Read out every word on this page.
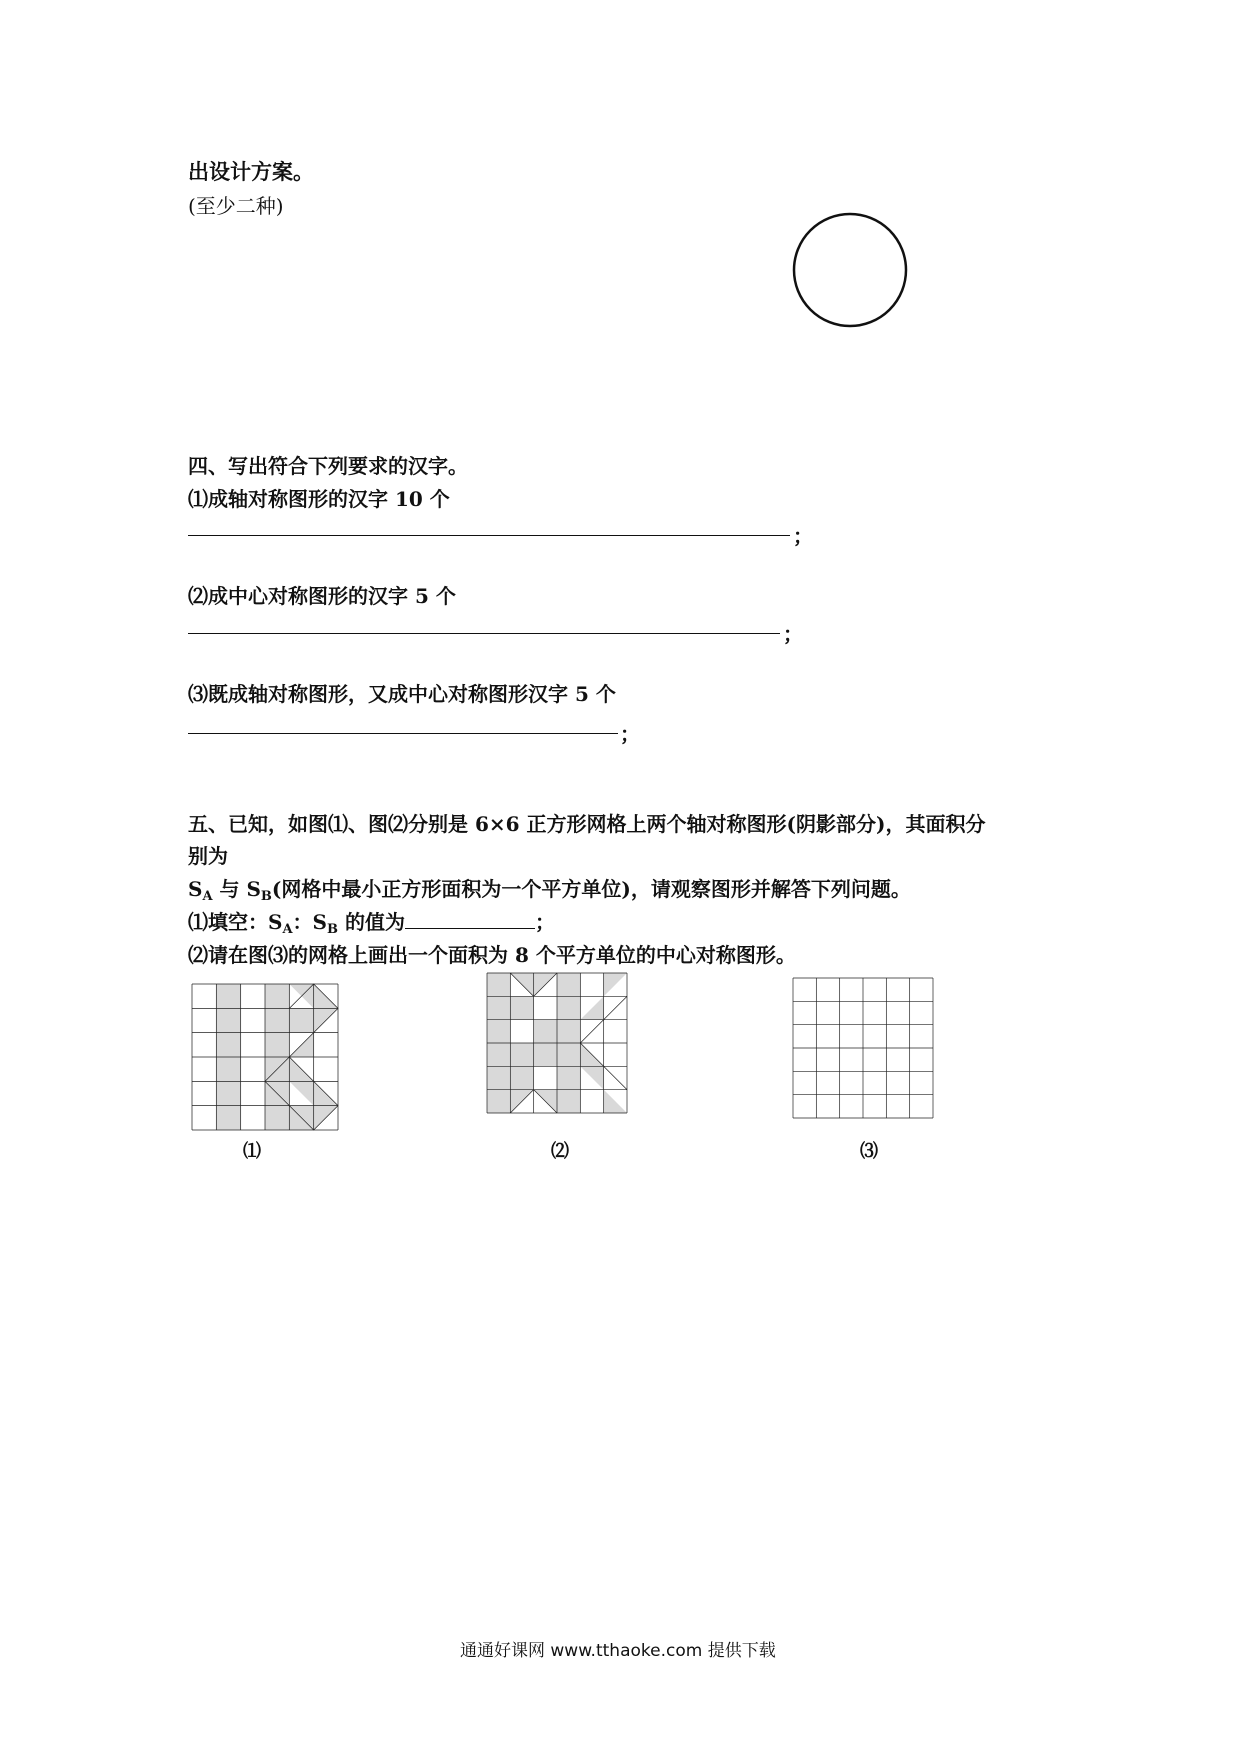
出设计方案。
(至少二种)
四、写出符合下列要求的汉字。
⑴成轴对称图形的汉字 10 个
；
⑵成中心对称图形的汉字 5 个
；
⑶既成轴对称图形，又成中心对称图形汉字 5 个
；
五、已知，如图⑴、图⑵分别是 6×6 正方形网格上两个轴对称图形(阴影部分)，其面积分
别为
$S_A$ 与 $S_B$(网格中最小正方形面积为一个平方单位)，请观察图形并解答下列问题。
⑴填空：$S_A$：$S_B$ 的值为	；
⑵请在图⑶的网格上画出一个面积为 8 个平方单位的中心对称图形。
⑴	⑵	⑶
通通好课网 www.tthaoke.com 提供下载
